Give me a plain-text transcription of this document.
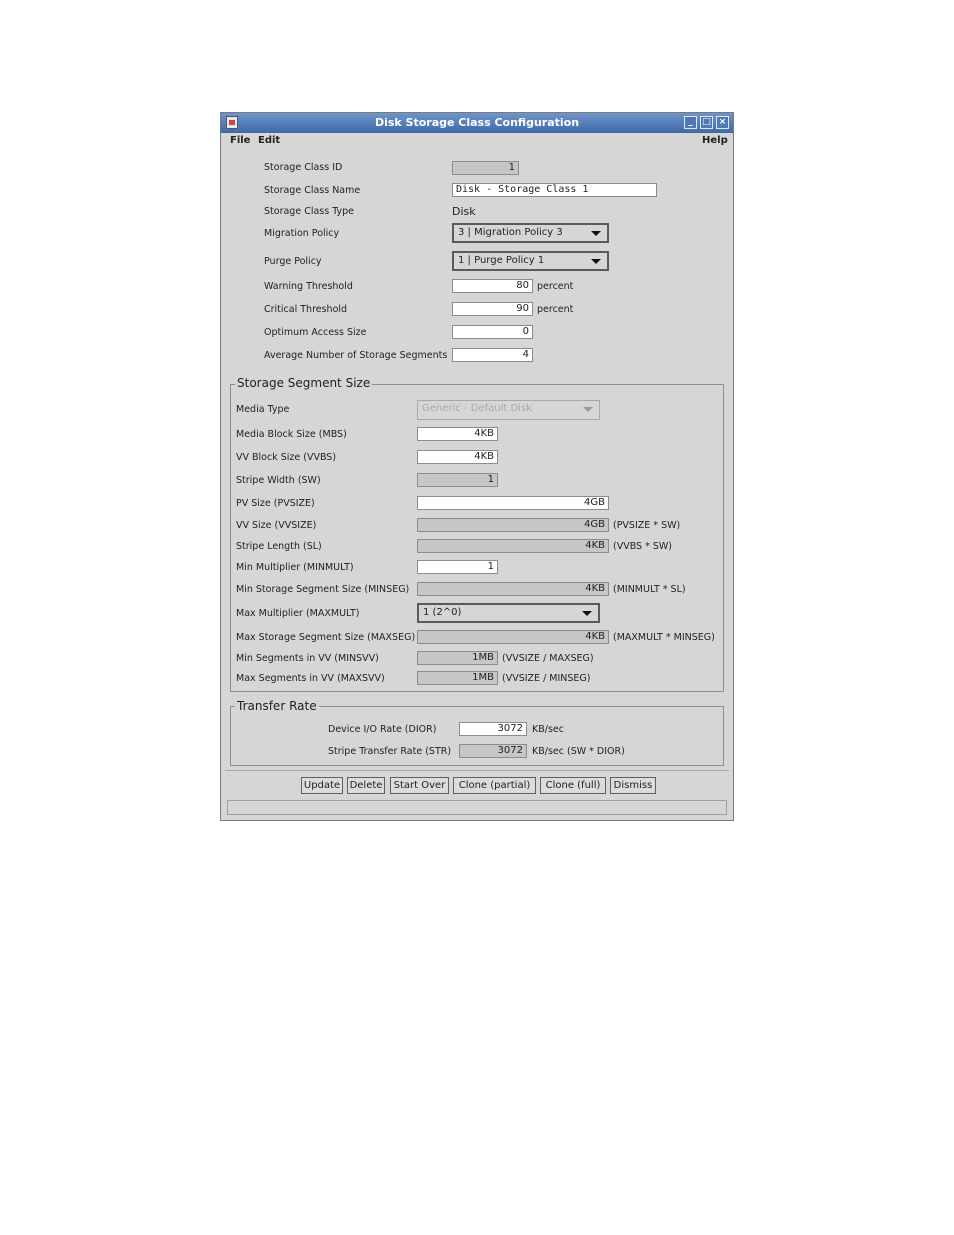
Disk Storage Class Configuration	_	□ ×
File Edit	Help
Storage Class ID	1
Storage Class Name	Disk - Storage Class 1
Storage Class Type	Disk
Migration Policy	3 | Migration Policy 3
Purge Policy	1 | Purge Policy 1
Warning Threshold	80 percent
Critical Threshold	90 percent
Optimum Access Size	0
Average Number of Storage Segments	4
Storage Segment Size
Media Type	Generic - Default Disk
Media Block Size (MBS)	4KB
VV Block Size (VVBS)	4KB
Stripe Width (SW)	1
PV Size (PVSIZE)	4GB
VV Size (VVSIZE)	4GB (PVSIZE * SW)
Stripe Length (SL)	4KB (VVBS * SW)
Min Multiplier (MINMULT)	1
Min Storage Segment Size (MINSEG)	4KB (MINMULT * SL)
Max Multiplier (MAXMULT)	1 (2^0)
Max Storage Segment Size (MAXSEG)	4KB (MAXMULT * MINSEG)
Min Segments in VV (MINSVV)	1MB (VVSIZE / MAXSEG)
Max Segments in VV (MAXSVV)	1MB (VVSIZE / MINSEG)
Transfer Rate
Device I/O Rate (DIOR)	3072 KB/sec
Stripe Transfer Rate (STR)	3072 KB/sec (SW * DIOR)
Update Delete	Start Over	Clone (partial)	Clone (full)	Dismiss
